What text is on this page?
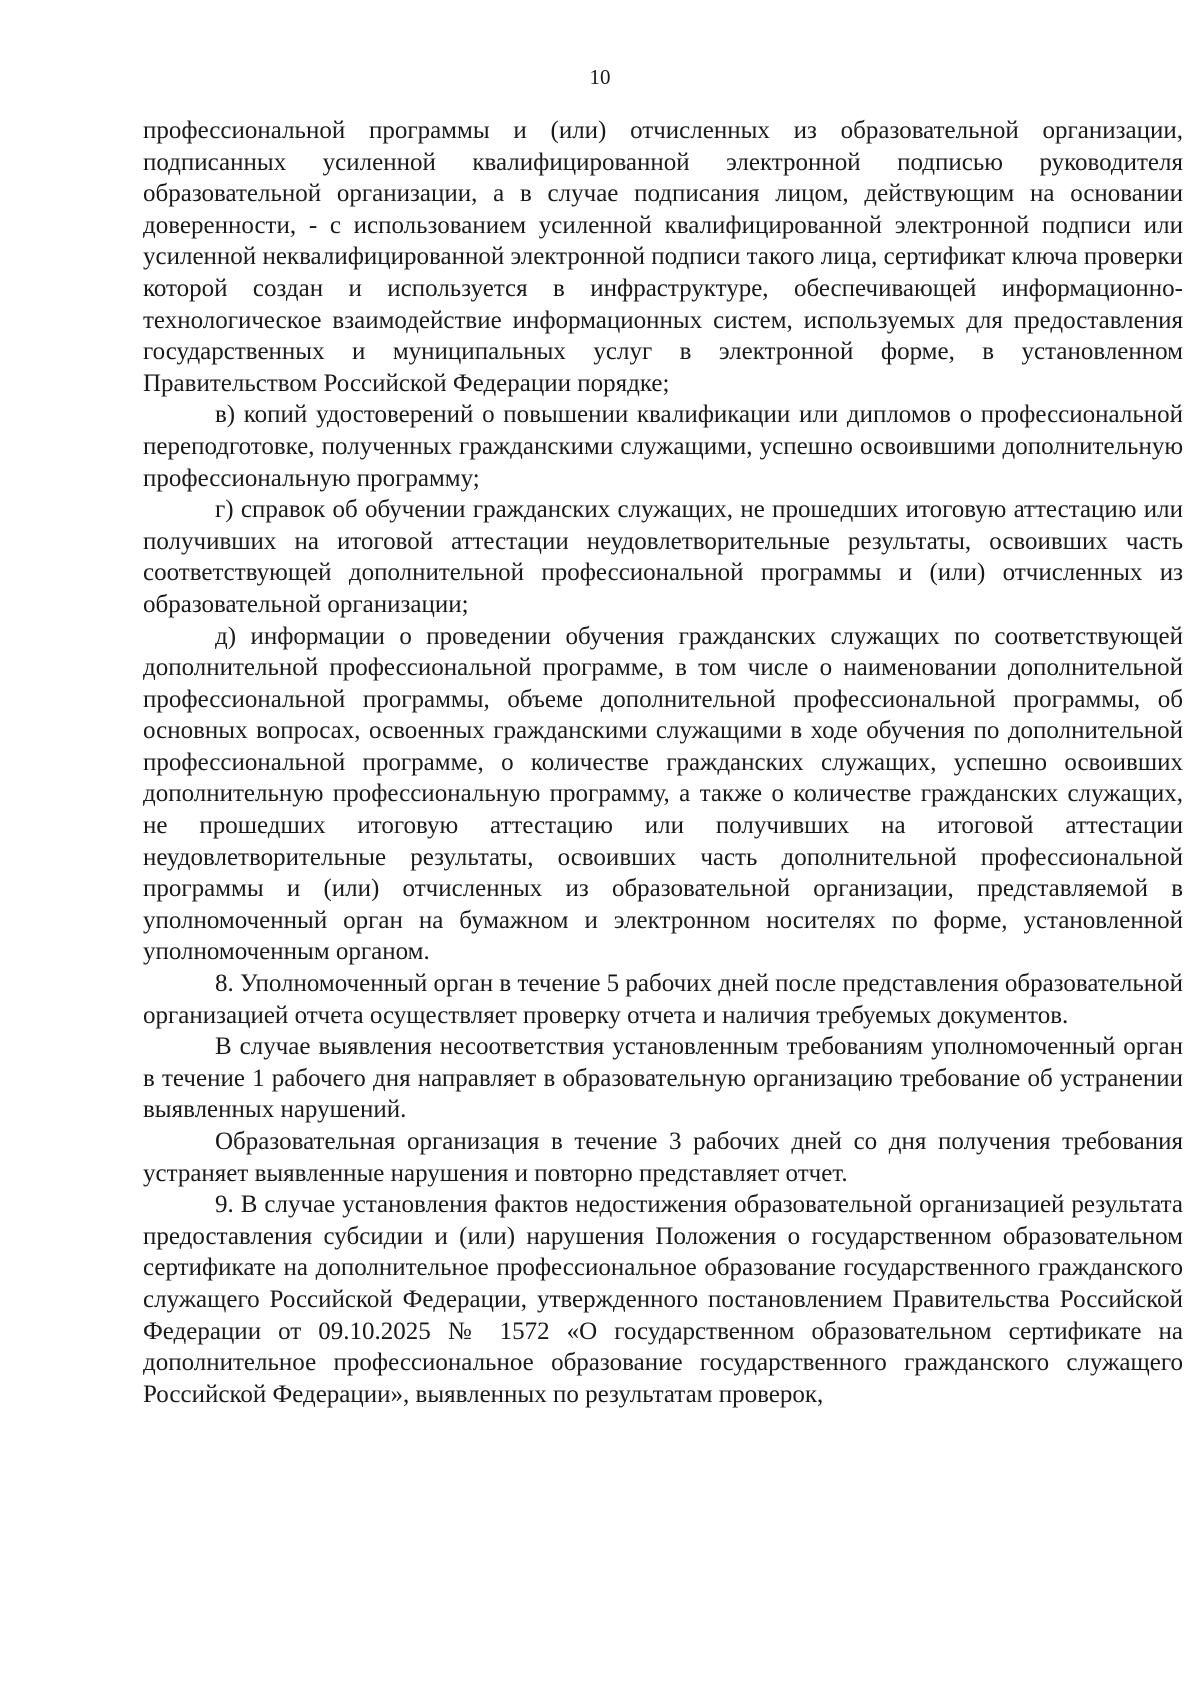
10

профессиональной программы и (или) отчисленных из образовательной организации, подписанных усиленной квалифицированной электронной подписью руководителя образовательной организации, а в случае подписания лицом, действующим на основании доверенности, - с использованием усиленной квалифицированной электронной подписи или усиленной неквалифицированной электронной подписи такого лица, сертификат ключа проверки которой создан и используется в инфраструктуре, обеспечивающей информационно-технологическое взаимодействие информационных систем, используемых для предоставления государственных и муниципальных услуг в электронной форме, в установленном Правительством Российской Федерации порядке;

в) копий удостоверений о повышении квалификации или дипломов о профессиональной переподготовке, полученных гражданскими служащими, успешно освоившими дополнительную профессиональную программу;

г) справок об обучении гражданских служащих, не прошедших итоговую аттестацию или получивших на итоговой аттестации неудовлетворительные результаты, освоивших часть соответствующей дополнительной профессиональной программы и (или) отчисленных из образовательной организации;

д) информации о проведении обучения гражданских служащих по соответствующей дополнительной профессиональной программе, в том числе о наименовании дополнительной профессиональной программы, объеме дополнительной профессиональной программы, об основных вопросах, освоенных гражданскими служащими в ходе обучения по дополнительной профессиональной программе, о количестве гражданских служащих, успешно освоивших дополнительную профессиональную программу, а также о количестве гражданских служащих, не прошедших итоговую аттестацию или получивших на итоговой аттестации неудовлетворительные результаты, освоивших часть дополнительной профессиональной программы и (или) отчисленных из образовательной организации, представляемой в уполномоченный орган на бумажном и электронном носителях по форме, установленной уполномоченным органом.

8. Уполномоченный орган в течение 5 рабочих дней после представления образовательной организацией отчета осуществляет проверку отчета и наличия требуемых документов.

В случае выявления несоответствия установленным требованиям уполномоченный орган в течение 1 рабочего дня направляет в образовательную организацию требование об устранении выявленных нарушений.

Образовательная организация в течение 3 рабочих дней со дня получения требования устраняет выявленные нарушения и повторно представляет отчет.

9. В случае установления фактов недостижения образовательной организацией результата предоставления субсидии и (или) нарушения Положения о государственном образовательном сертификате на дополнительное профессиональное образование государственного гражданского служащего Российской Федерации, утвержденного постановлением Правительства Российской Федерации от 09.10.2025 № 1572 «О государственном образовательном сертификате на дополнительное профессиональное образование государственного гражданского служащего Российской Федерации», выявленных по результатам проверок,
